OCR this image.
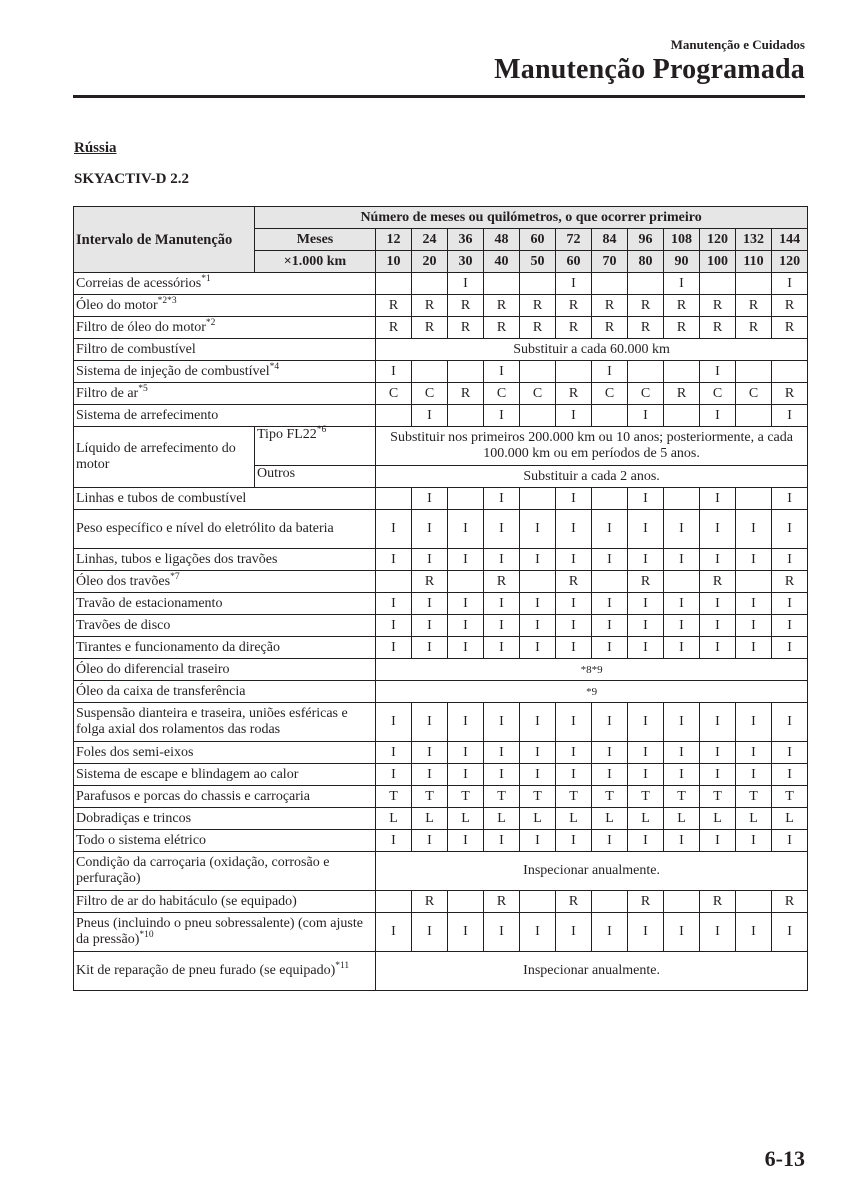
Manutenção e Cuidados
Manutenção Programada
Rússia
SKYACTIV-D 2.2
Intervalo de Manutenção	Número de meses ou quilómetros, o que ocorrer primeiro												
	Meses	12	24	36	48	60	72	84	96	108	120	132	144
	×1.000 km	10	20	30	40	50	60	70	80	90	100	110	120
Correias de acessórios$^{*1}$				I			I			I			I
Óleo do motor$^{*2*3}$		R	R	R	R	R	R	R	R	R	R	R	R
Filtro de óleo do motor$^{*2}$		R	R	R	R	R	R	R	R	R	R	R	R
Filtro de combustível		Substituir a cada 60.000 km											
Sistema de injeção de combustível$^{*4}$		I			I			I			I		
Filtro de $ar^{*5}$		C	C	R	C	C	R	C	C	R	C	C	R
Sistema de arrefecimento			I		I		I		I		I		I
Líquido de arrefecimento do motor	Tipo FL22$^{*6}$	Substituir nos primeiros 200.000 km ou 10 anos; posteriormente, a cada 100.000 km ou em períodos de 5 anos.											
	Outros	Substituir a cada 2 anos.											
Linhas e tubos de combustível			I		I		I		I		I		I
Peso específico e nível do eletrólito da bateria		I	I	I	I	I	I	I	I	I	I	I	I
Linhas, tubos e ligações dos travões		I	I	I	I	I	I	I	I	I	I	I	I
Óleo dos travões$^{*7}$			R		R		R		R		R		R
Travão de estacionamento		I	I	I	I	I	I	I	I	I	I	I	I
Travões de disco		I	I	I	I	I	I	I	I	I	I	I	I
Tirantes e funcionamento da direção		I	I	I	I	I	I	I	I	I	I	I	I
Óleo do diferencial traseiro		*8*9											
Óleo da caixa de transferência		*9											
Suspensão dianteira e traseira, uniões esféricas e folga axial dos rolamentos das rodas		I	I	I	I	I	I	I	I	I	I	I	I
Foles dos semi-eixos		I	I	I	I	I	I	I	I	I	I	I	I
Sistema de escape e blindagem ao calor		I	I	I	I	I	I	I	I	I	I	I	I
Parafusos e porcas do chassis e carroçaria		T	T	T	T	T	T	T	T	T	T	T	T
Dobradiças e trincos		L	L	L	L	L	L	L	L	L	L	L	L
Todo o sistema elétrico		I	I	I	I	I	I	I	I	I	I	I	I
Condição da carroçaria (oxidação, corrosão e perfuração)		Inspecionar anualmente.											
Filtro de ar do habitáculo (se equipado)			R		R		R		R		R		R
Pneus (incluindo o pneu sobressalente) (com ajuste da pressão)$^{*10}$		I	I	I	I	I	I	I	I	I	I	I	I
Kit de reparação de pneu furado (se equipado)$^{*11}$		Inspecionar anualmente.											
6-13
